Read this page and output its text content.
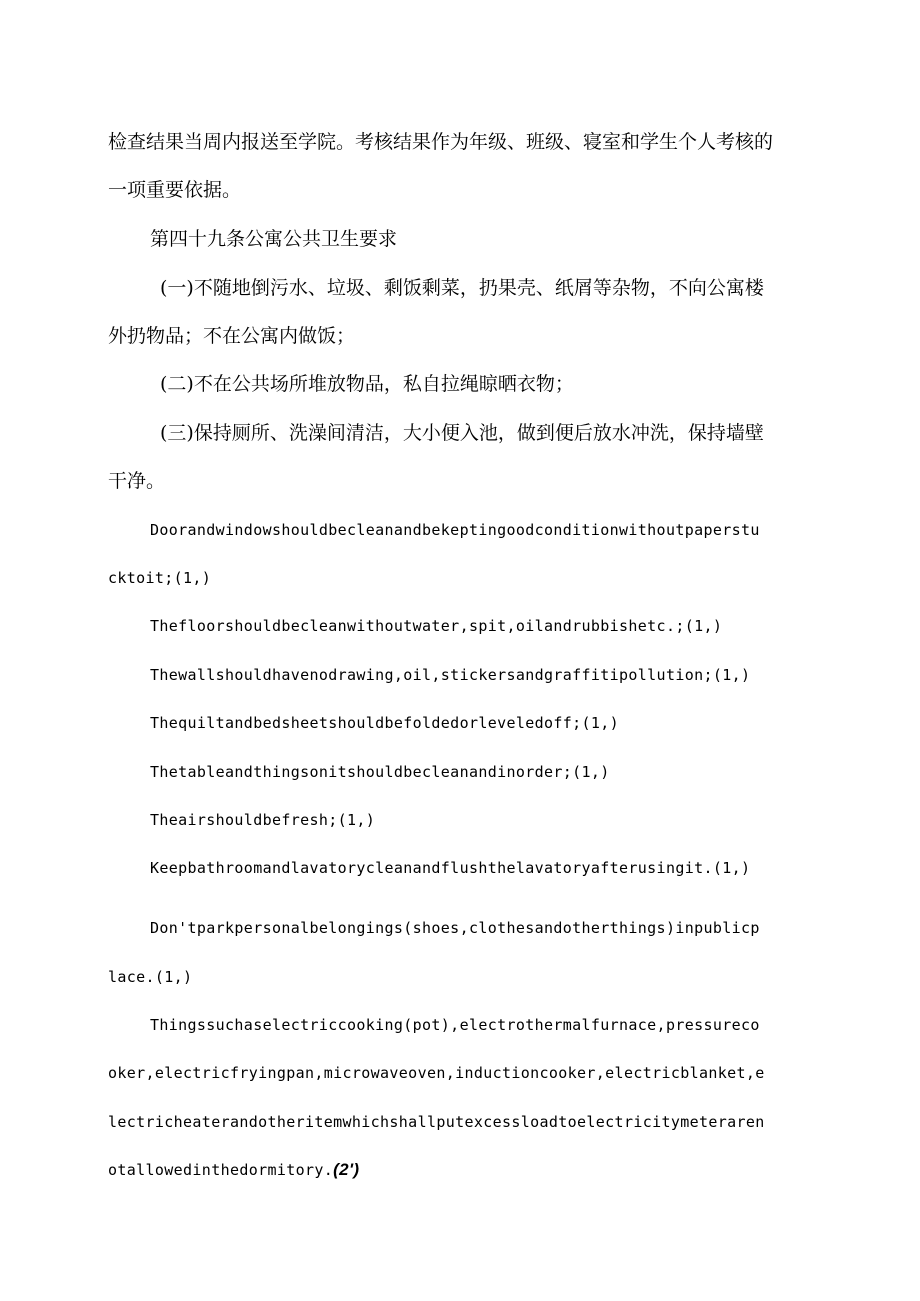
检查结果当周内报送至学院。考核结果作为年级、班级、寝室和学生个人考核的

一项重要依据。

第四十九条公寓公共卫生要求

(一)不随地倒污水、垃圾、剩饭剩菜，扔果壳、纸屑等杂物，不向公寓楼

外扔物品；不在公寓内做饭；

(二)不在公共场所堆放物品，私自拉绳晾晒衣物；

(三)保持厕所、洗澡间清洁，大小便入池，做到便后放水冲洗，保持墙壁

干净。

Doorandwindowshouldbecleanandbekeptingoodconditionwithoutpaperstu

cktoit;(1,)

Thefloorshouldbecleanwithoutwater,spit,oilandrubbishetc.;(1,)

Thewallshouldhavenodrawing,oil,stickersandgraffitipollution;(1,)

Thequiltandbedsheetshouldbefoldedorleveledoff;(1,)

Thetableandthingsonitshouldbecleanandinorder;(1,)

Theairshouldbefresh;(1,)

Keepbathroomandlavatorycleanandflushthelavatoryafterusingit.(1,)

Don'tparkpersonalbelongings(shoes,clothesandotherthings)inpublicp

lace.(1,)

Thingssuchaselectriccooking(pot),electrothermalfurnace,pressureco

oker,electricfryingpan,microwaveoven,inductioncooker,electricblanket,e

lectricheaterandotheritemwhichshallputexcessloadtoelectricitymeteraren

otallowedinthedormitory.(2')
